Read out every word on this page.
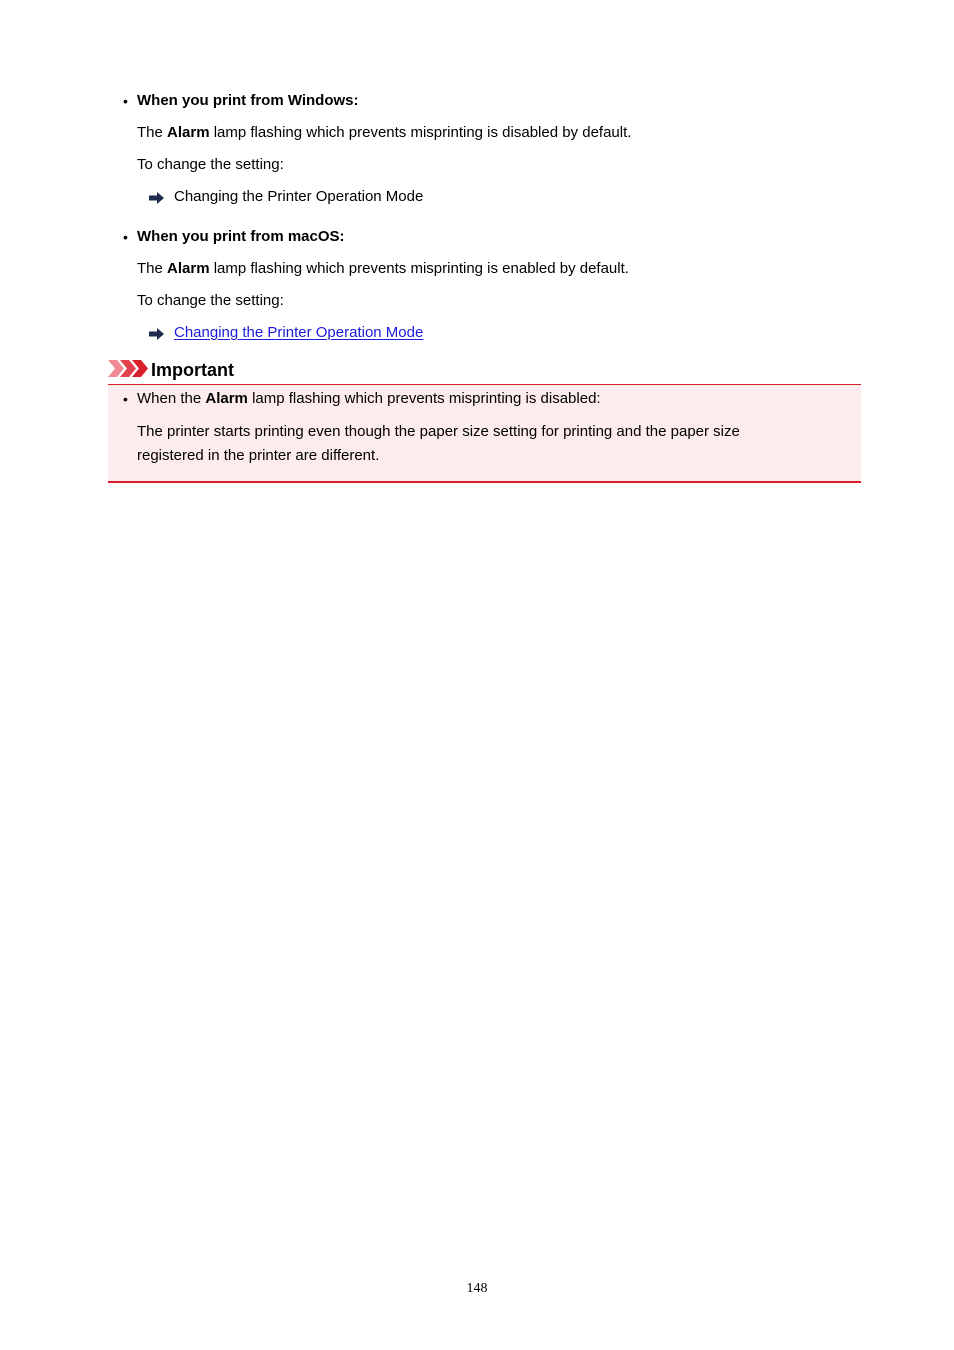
• When you print from Windows:
The Alarm lamp flashing which prevents misprinting is disabled by default.
To change the setting:
Changing the Printer Operation Mode
• When you print from macOS:
The Alarm lamp flashing which prevents misprinting is enabled by default.
To change the setting:
Changing the Printer Operation Mode
Important
• When the Alarm lamp flashing which prevents misprinting is disabled:
The printer starts printing even though the paper size setting for printing and the paper size
registered in the printer are different.
148
